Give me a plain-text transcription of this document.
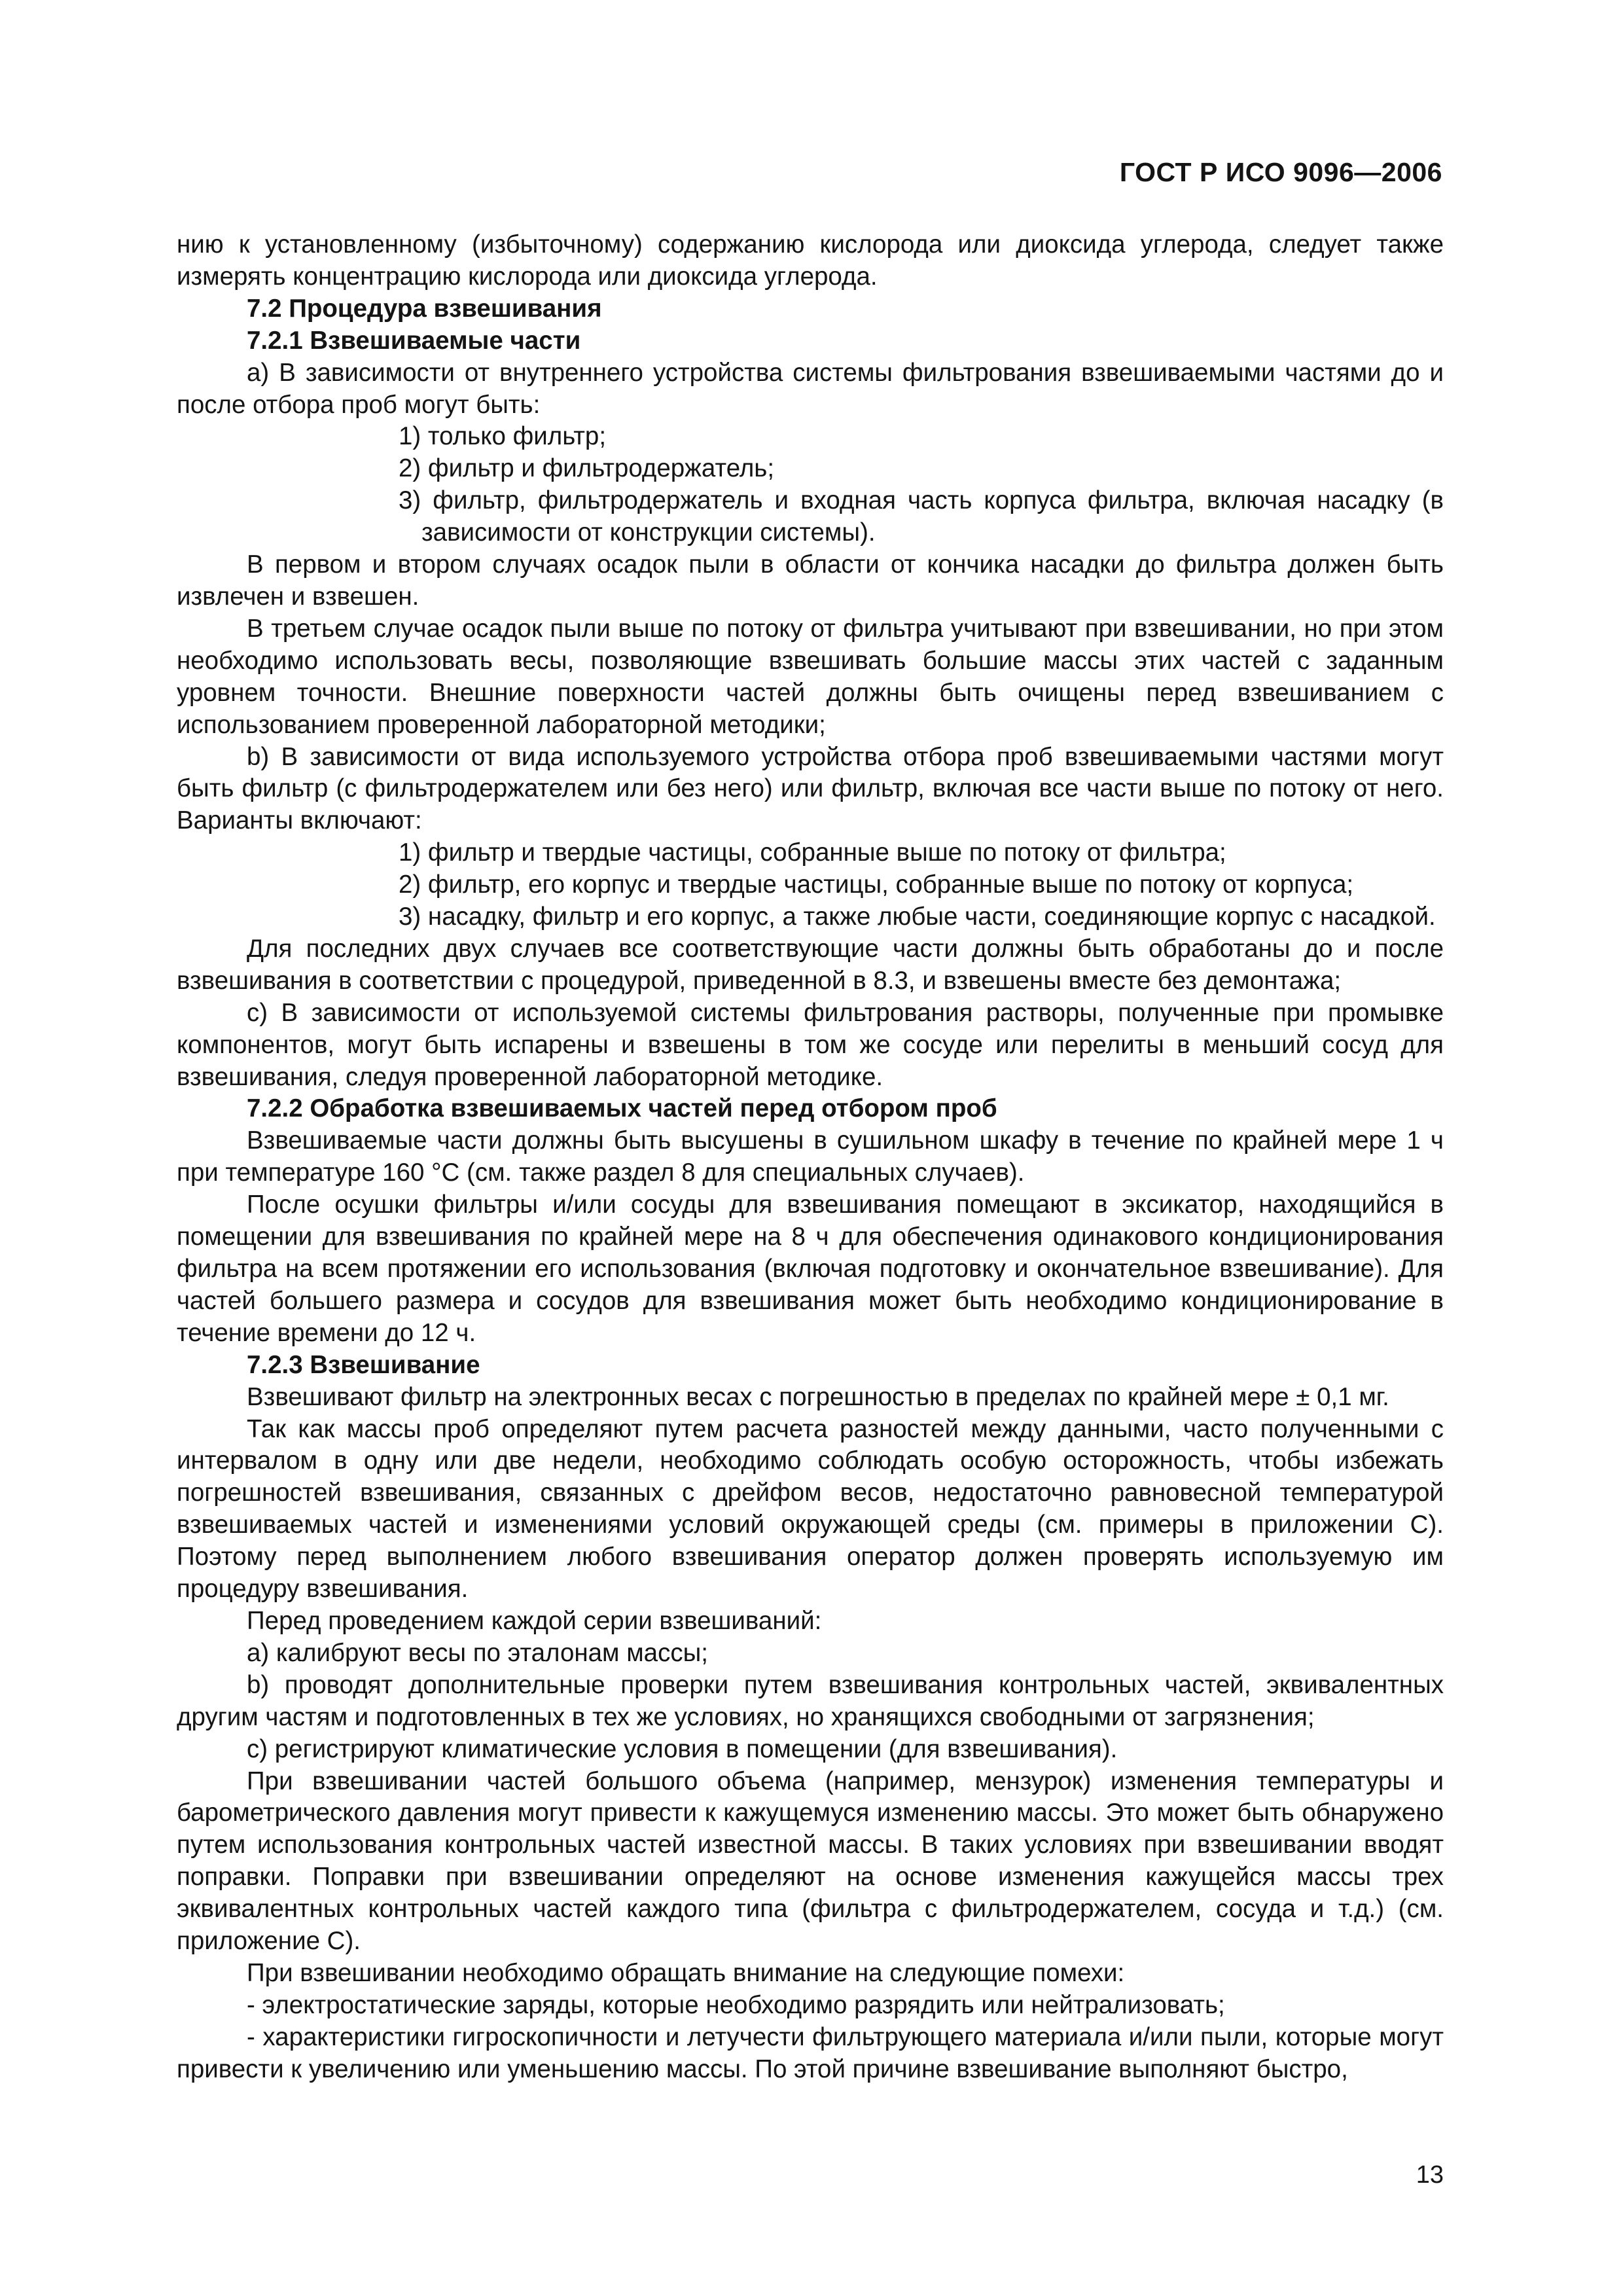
ГОСТ Р ИСО 9096—2006

нию к установленному (избыточному) содержанию кислорода или диоксида углерода, следует также измерять концентрацию кислорода или диоксида углерода.

7.2 Процедура взвешивания

7.2.1 Взвешиваемые части

а) В зависимости от внутреннего устройства системы фильтрования взвешиваемыми частями до и после отбора проб могут быть:

1) только фильтр;

2) фильтр и фильтродержатель;

3) фильтр, фильтродержатель и входная часть корпуса фильтра, включая насадку (в зависимости от конструкции системы).

В первом и втором случаях осадок пыли в области от кончика насадки до фильтра должен быть извлечен и взвешен.

В третьем случае осадок пыли выше по потоку от фильтра учитывают при взвешивании, но при этом необходимо использовать весы, позволяющие взвешивать большие массы этих частей с заданным уровнем точности. Внешние поверхности частей должны быть очищены перед взвешиванием с использованием проверенной лабораторной методики;

b) В зависимости от вида используемого устройства отбора проб взвешиваемыми частями могут быть фильтр (с фильтродержателем или без него) или фильтр, включая все части выше по потоку от него. Варианты включают:

1) фильтр и твердые частицы, собранные выше по потоку от фильтра;

2) фильтр, его корпус и твердые частицы, собранные выше по потоку от корпуса;

3) насадку, фильтр и его корпус, а также любые части, соединяющие корпус с насадкой.

Для последних двух случаев все соответствующие части должны быть обработаны до и после взвешивания в соответствии с процедурой, приведенной в 8.3, и взвешены вместе без демонтажа;

с) В зависимости от используемой системы фильтрования растворы, полученные при промывке компонентов, могут быть испарены и взвешены в том же сосуде или перелиты в меньший сосуд для взвешивания, следуя проверенной лабораторной методике.

7.2.2 Обработка взвешиваемых частей перед отбором проб

Взвешиваемые части должны быть высушены в сушильном шкафу в течение по крайней мере 1 ч при температуре 160 °С (см. также раздел 8 для специальных случаев).

После осушки фильтры и/или сосуды для взвешивания помещают в эксикатор, находящийся в помещении для взвешивания по крайней мере на 8 ч для обеспечения одинакового кондиционирования фильтра на всем протяжении его использования (включая подготовку и окончательное взвешивание). Для частей большего размера и сосудов для взвешивания может быть необходимо кондиционирование в течение времени до 12 ч.

7.2.3 Взвешивание

Взвешивают фильтр на электронных весах с погрешностью в пределах по крайней мере ± 0,1 мг.

Так как массы проб определяют путем расчета разностей между данными, часто полученными с интервалом в одну или две недели, необходимо соблюдать особую осторожность, чтобы избежать погрешностей взвешивания, связанных с дрейфом весов, недостаточно равновесной температурой взвешиваемых частей и изменениями условий окружающей среды (см. примеры в приложении С). Поэтому перед выполнением любого взвешивания оператор должен проверять используемую им процедуру взвешивания.

Перед проведением каждой серии взвешиваний:

а) калибруют весы по эталонам массы;

b) проводят дополнительные проверки путем взвешивания контрольных частей, эквивалентных другим частям и подготовленных в тех же условиях, но хранящихся свободными от загрязнения;

с) регистрируют климатические условия в помещении (для взвешивания).

При взвешивании частей большого объема (например, мензурок) изменения температуры и барометрического давления могут привести к кажущемуся изменению массы. Это может быть обнаружено путем использования контрольных частей известной массы. В таких условиях при взвешивании вводят поправки. Поправки при взвешивании определяют на основе изменения кажущейся массы трех эквивалентных контрольных частей каждого типа (фильтра с фильтродержателем, сосуда и т.д.) (см. приложение С).

При взвешивании необходимо обращать внимание на следующие помехи:

- электростатические заряды, которые необходимо разрядить или нейтрализовать;

- характеристики гигроскопичности и летучести фильтрующего материала и/или пыли, которые могут привести к увеличению или уменьшению массы. По этой причине взвешивание выполняют быстро,

13
